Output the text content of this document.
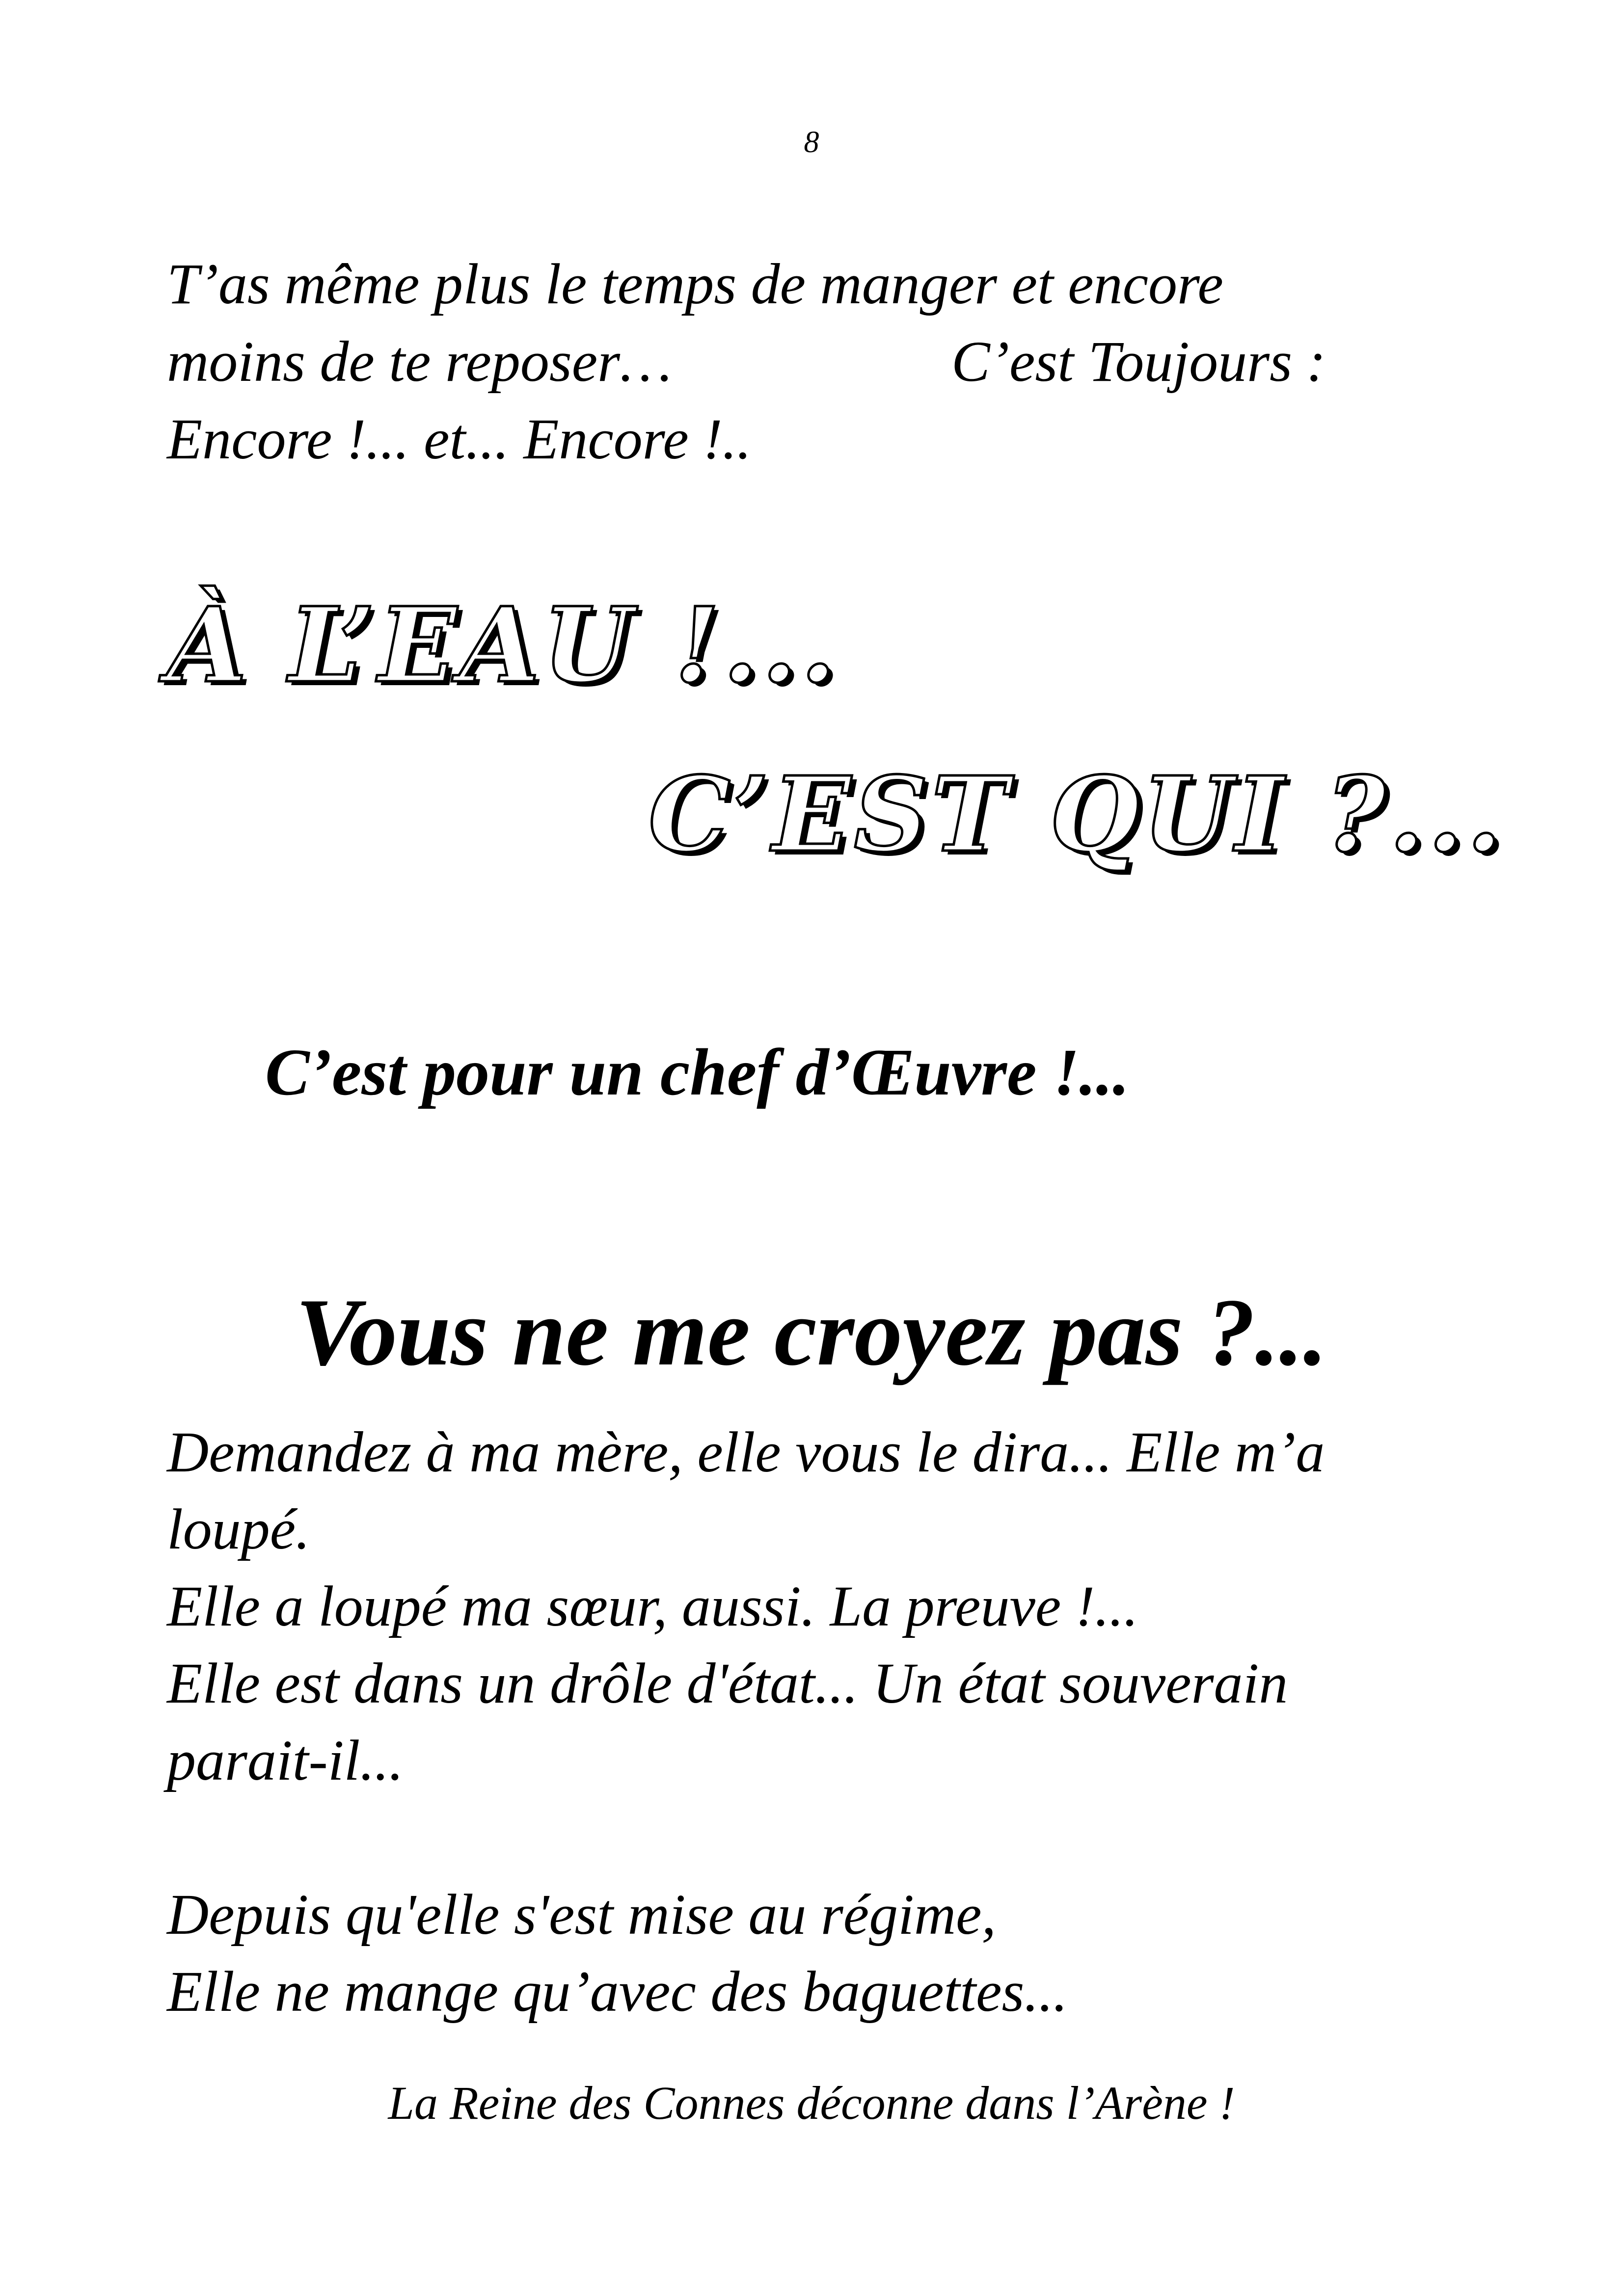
8
T’as même plus le temps de manger et encore
moins de te reposer…	C’est Toujours :
Encore !... et... Encore !..
À L’EAU !...
C’EST QUI ?...
C’est pour un chef d’Œuvre !...
Vous ne me croyez pas ?...
Demandez à ma mère, elle vous le dira... Elle m’a
loupé.
Elle a loupé ma sœur, aussi. La preuve !...
Elle est dans un drôle d'état... Un état souverain
parait-il...
Depuis qu'elle s'est mise au régime,
Elle ne mange qu’avec des baguettes...
La Reine des Connes déconne dans l’Arène !
